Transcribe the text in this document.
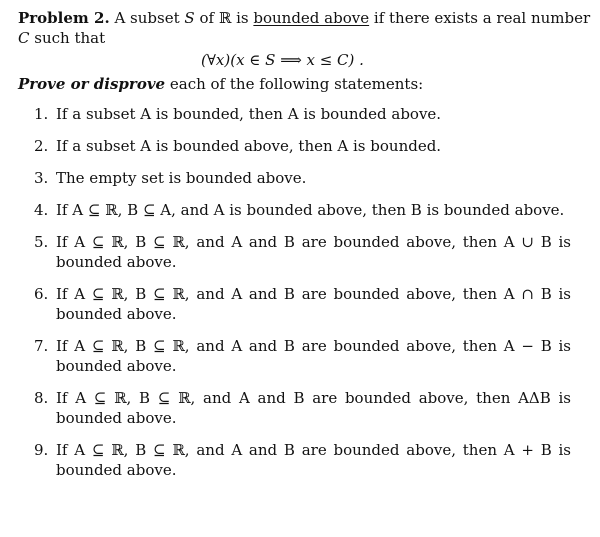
Problem 2. A subset S of ℝ is bounded above if there exists a real number
C such that
(∀x)(x ∈ S ⟹ x ≤ C) .
Prove or disprove each of the following statements:
1. If a subset A is bounded, then A is bounded above.
2. If a subset A is bounded above, then A is bounded.
3. The empty set is bounded above.
4. If A ⊆ ℝ, B ⊆ A, and A is bounded above, then B is bounded above.
5. If A ⊆ ℝ, B ⊆ ℝ, and A and B are bounded above, then A ∪ B is bounded above.
6. If A ⊆ ℝ, B ⊆ ℝ, and A and B are bounded above, then A ∩ B is bounded above.
7. If A ⊆ ℝ, B ⊆ ℝ, and A and B are bounded above, then A − B is bounded above.
8. If A ⊆ ℝ, B ⊆ ℝ, and A and B are bounded above, then AΔB is bounded above.
9. If A ⊆ ℝ, B ⊆ ℝ, and A and B are bounded above, then A + B is bounded above.
